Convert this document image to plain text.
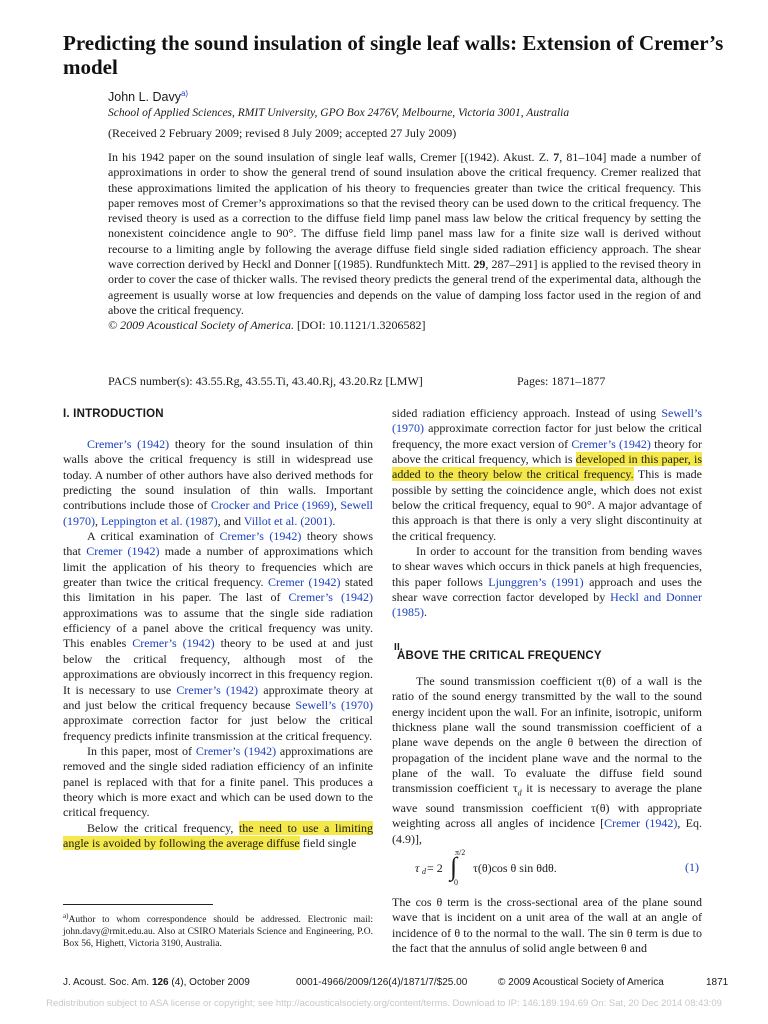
Predicting the sound insulation of single leaf walls: Extension of Cremer’s model
John L. Davy$^{a)}$
School of Applied Sciences, RMIT University, GPO Box 2476V, Melbourne, Victoria 3001, Australia
(Received 2 February 2009; revised 8 July 2009; accepted 27 July 2009)

In his 1942 paper on the sound insulation of single leaf walls, Cremer [(1942). Akust. Z. 7, 81–104] made a number of approximations in order to show the general trend of sound insulation above the critical frequency. Cremer realized that these approximations limited the application of his theory to frequencies greater than twice the critical frequency. This paper removes most of Cremer’s approximations so that the revised theory can be used down to the critical frequency. The revised theory is used as a correction to the diffuse field limp panel mass law below the critical frequency by setting the nonexistent coincidence angle to 90°. The diffuse field limp panel mass law for a finite size wall is derived without recourse to a limiting angle by following the average diffuse field single sided radiation efficiency approach. The shear wave correction derived by Heckl and Donner [(1985). Rundfunktech Mitt. 29, 287–291] is applied to the revised theory in order to cover the case of thicker walls. The revised theory predicts the general trend of the experimental data, although the agreement is usually worse at low frequencies and depends on the value of damping loss factor used in the region of and above the critical frequency.

© 2009 Acoustical Society of America. [DOI: 10.1121/1.3206582]

PACS number(s): 43.55.Rg, 43.55.Ti, 43.40.Rj, 43.20.Rz [LMW]	Pages: 1871–1877
I. INTRODUCTION

Cremer’s (1942) theory for the sound insulation of thin walls above the critical frequency is still in widespread use today. A number of other authors have also derived methods for predicting the sound insulation of thin walls. Important contributions include those of Crocker and Price (1969), Sewell (1970), Leppington et al. (1987), and Villot et al. (2001).

A critical examination of Cremer’s (1942) theory shows that Cremer (1942) made a number of approximations which limit the application of his theory to frequencies which are greater than twice the critical frequency. Cremer (1942) stated this limitation in his paper. The last of Cremer’s (1942) approximations was to assume that the single side radiation efficiency of a panel above the critical frequency was unity. This enables Cremer’s (1942) theory to be used at and just below the critical frequency, although most of the approximations are obviously incorrect in this frequency region. It is necessary to use Cremer’s (1942) approximate theory at and just below the critical frequency because Sewell’s (1970) approximate correction factor for just below the critical frequency predicts infinite transmission at the critical frequency.

In this paper, most of Cremer’s (1942) approximations are removed and the single sided radiation efficiency of an infinite panel is replaced with that for a finite panel. This produces a theory which is more exact and which can be used down to the critical frequency.

Below the critical frequency, the need to use a limiting angle is avoided by following the average diffuse field single

sided radiation efficiency approach. Instead of using Sewell’s (1970) approximate correction factor for just below the critical frequency, the more exact version of Cremer’s (1942) theory for above the critical frequency, which is developed in this paper, is added to the theory below the critical frequency. This is made possible by setting the coincidence angle, which does not exist below the critical frequency, equal to 90°. A major advantage of this approach is that there is only a very slight discontinuity at the critical frequency.

In order to account for the transition from bending waves to shear waves which occurs in thick panels at high frequencies, this paper follows Ljunggren’s (1991) approach and uses the shear wave correction factor developed by Heckl and Donner (1985).

II.
ABOVE THE CRITICAL FREQUENCY

The sound transmission coefficient τ(θ) of a wall is the ratio of the sound energy transmitted by the wall to the sound energy incident upon the wall. For an infinite, isotropic, uniform thickness plane wall the sound transmission coefficient of a plane wave depends on the angle θ between the direction of propagation of the incident plane wave and the normal to the plane of the wall. To evaluate the diffuse field sound transmission coefficient $\tau_d$ it is necessary to average the plane wave sound transmission coefficient τ(θ) with appropriate weighting across all angles of incidence [Cremer (1942), Eq. (4.9)],

τ d = 2 ∫
π/2
0
τ(θ)cos θ sin θdθ.	(1)

The cos θ term is the cross-sectional area of the plane sound wave that is incident on a unit area of the wall at an angle of incidence of θ to the normal to the wall. The sin θ term is due to the fact that the annulus of solid angle between θ and

$^{a)}$Author to whom correspondence should be addressed. Electronic mail: john.davy@rmit.edu.au. Also at CSIRO Materials Science and Engineering, P.O. Box 56, Highett, Victoria 3190, Australia.
J. Acoust. Soc. Am. 126 (4), October 2009	0001-4966/2009/126(4)/1871/7/$25.00	© 2009 Acoustical Society of America	1871
Redistribution subject to ASA license or copyright; see http://acousticalsociety.org/content/terms. Download to IP: 146.189.194.69 On: Sat, 20 Dec 2014 08:43:09
